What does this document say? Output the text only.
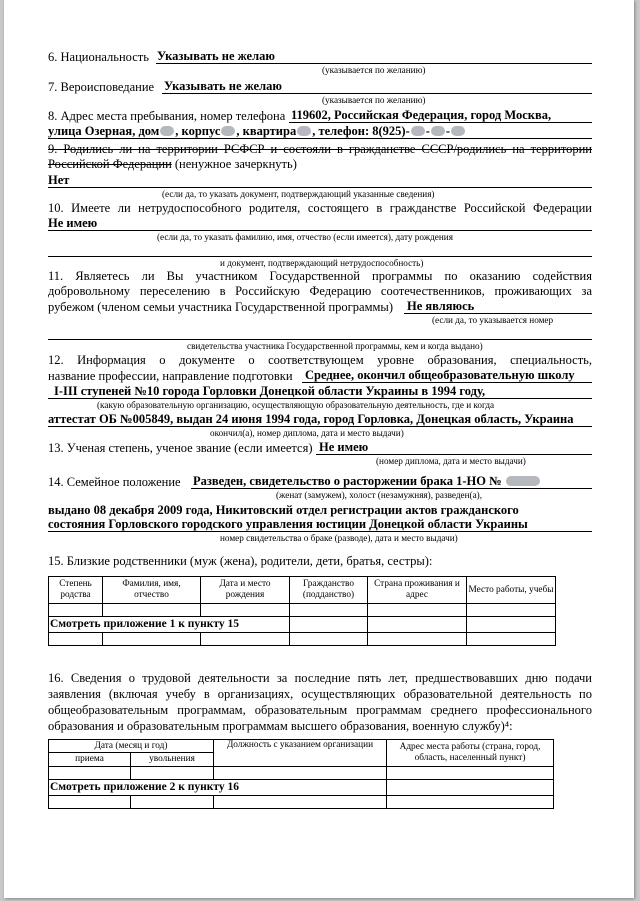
6. Национальность Указывать не желаю
(указывается по желанию)
7. Вероисповедание Указывать не желаю
(указывается по желанию)
8. Адрес места пребывания, номер телефона 119602, Российская Федерация, город Москва,
улица Озерная, дом , корпус , квартира , телефон: 8(925)- - -
9. Родились ли на территории РСФСР и состояли в гражданстве СССР/родились на территории
Российской Федерации (ненужное зачеркнуть)
Нет
(если да, то указать документ, подтверждающий указанные сведения)
10. Имеете ли нетрудоспособного родителя, состоящего в гражданстве Российской Федерации
Не имею
(если да, то указать фамилию, имя, отчество (если имеется), дату рождения
и документ, подтверждающий нетрудоспособность)
11. Являетесь ли Вы участником Государственной программы по оказанию содействия
добровольному переселению в Российскую Федерацию соотечественников, проживающих за
рубежом (членом семьи участника Государственной программы) Не являюсь
(если да, то указывается номер
свидетельства участника Государственной программы, кем и когда выдано)
12. Информация о документе о соответствующем уровне образования, специальность,
название профессии, направление подготовки Среднее, окончил общеобразовательную школу
I-III ступеней №10 города Горловки Донецкой области Украины в 1994 году,
(какую образовательную организацию, осуществляющую образовательную деятельность, где и когда
аттестат ОБ №005849, выдан 24 июня 1994 года, город Горловка, Донецкая область, Украина
окончил(а), номер диплома, дата и место выдачи)
13. Ученая степень, ученое звание (если имеется) Не имею
(номер диплома, дата и место выдачи)
14. Семейное положение Разведен, свидетельство о расторжении брака 1-НО №
(женат (замужем), холост (незамужняя), разведен(а),
выдано 08 декабря 2009 года, Никитовский отдел регистрации актов гражданского
состояния Горловского городского управления юстиции Донецкой области Украины
номер свидетельства о браке (разводе), дата и место выдачи)
15. Близкие родственники (муж (жена), родители, дети, братья, сестры):
Степень родства	Фамилия, имя, отчество	Дата и место рождения	Гражданство (подданство)	Страна проживания и адрес	Место работы, учебы

Смотреть приложение 1 к пункту 15					

16. Сведения о трудовой деятельности за последние пять лет, предшествовавших дню подачи
заявления (включая учебу в организациях, осуществляющих образовательной деятельность по
общеобразовательным программам, образовательным программам среднего профессионального
образования и образовательным программам высшего образования, военную службу)⁴:
Дата (месяц и год)		Должность с указанием организации	Адрес места работы (страна, город, область, населенный пункт)
приема	увольнения		

Смотреть приложение 2 к пункту 16			
